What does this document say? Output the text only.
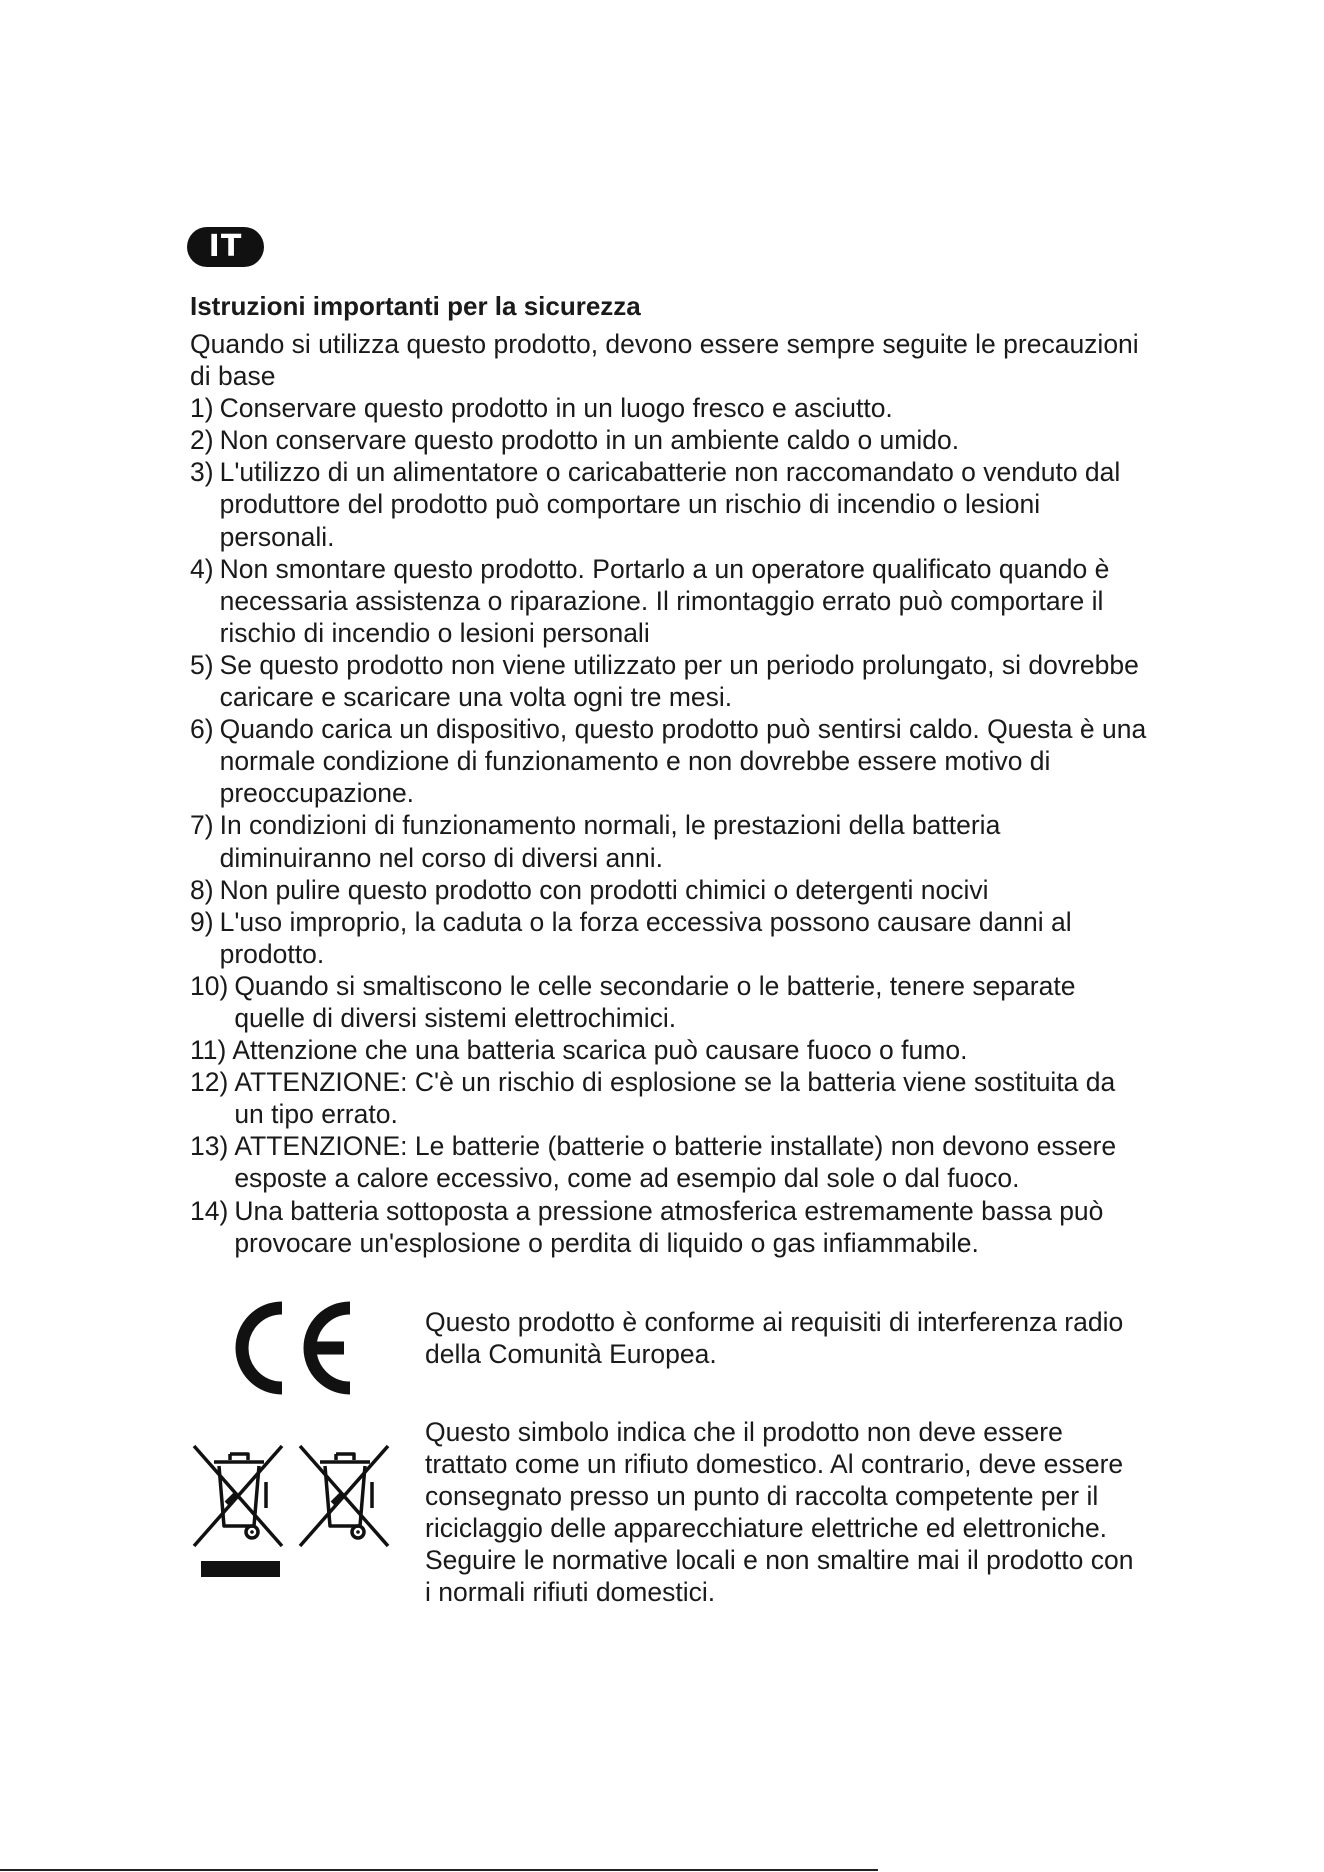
IT
Istruzioni importanti per la sicurezza

Quando si utilizza questo prodotto, devono essere sempre seguite le precauzioni di base

1) Conservare questo prodotto in un luogo fresco e asciutto.
2) Non conservare questo prodotto in un ambiente caldo o umido.
3) L'utilizzo di un alimentatore o caricabatterie non raccomandato o venduto dal produttore del prodotto può comportare un rischio di incendio o lesioni personali.
4) Non smontare questo prodotto. Portarlo a un operatore qualificato quando è necessaria assistenza o riparazione. Il rimontaggio errato può comportare il rischio di incendio o lesioni personali
5) Se questo prodotto non viene utilizzato per un periodo prolungato, si dovrebbe caricare e scaricare una volta ogni tre mesi.
6) Quando carica un dispositivo, questo prodotto può sentirsi caldo. Questa è una normale condizione di funzionamento e non dovrebbe essere motivo di preoccupazione.
7) In condizioni di funzionamento normali, le prestazioni della batteria diminuiranno nel corso di diversi anni.
8) Non pulire questo prodotto con prodotti chimici o detergenti nocivi
9) L'uso improprio, la caduta o la forza eccessiva possono causare danni al prodotto.
10) Quando si smaltiscono le celle secondarie o le batterie, tenere separate quelle di diversi sistemi elettrochimici.
11) Attenzione che una batteria scarica può causare fuoco o fumo.
12) ATTENZIONE: C'è un rischio di esplosione se la batteria viene sostituita da un tipo errato.
13) ATTENZIONE: Le batterie (batterie o batterie installate) non devono essere esposte a calore eccessivo, come ad esempio dal sole o dal fuoco.
14) Una batteria sottoposta a pressione atmosferica estremamente bassa può provocare un'esplosione o perdita di liquido o gas infiammabile.

Questo prodotto è conforme ai requisiti di interferenza radio della Comunità Europea.

Questo simbolo indica che il prodotto non deve essere trattato come un rifiuto domestico. Al contrario, deve essere consegnato presso un punto di raccolta competente per il riciclaggio delle apparecchiature elettriche ed elettroniche. Seguire le normative locali e non smaltire mai il prodotto con i normali rifiuti domestici.
